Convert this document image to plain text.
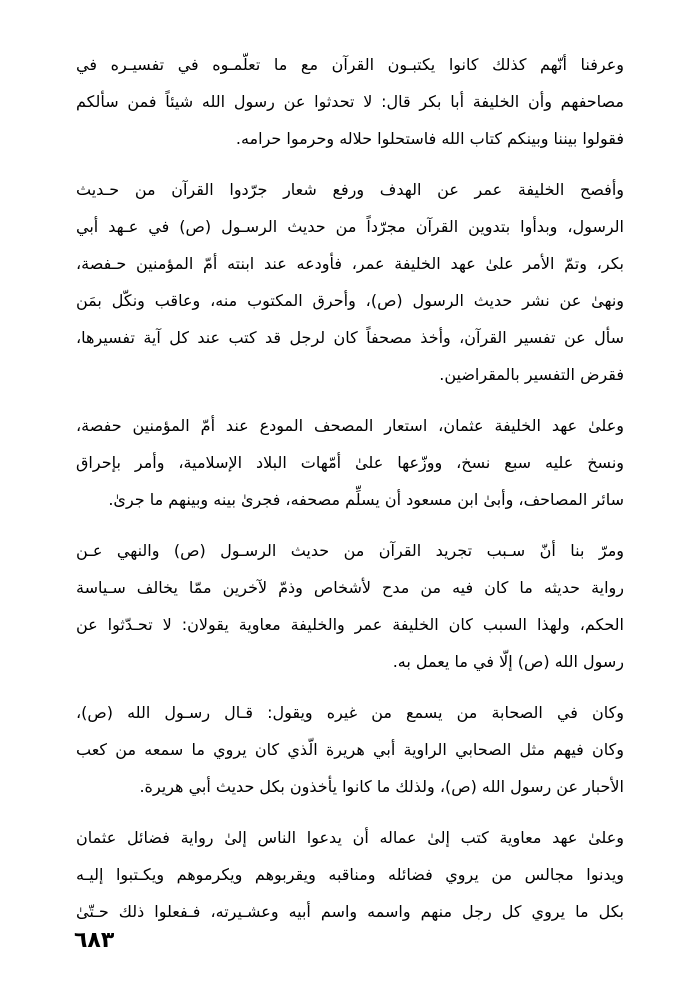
وعرفنا أنّهم كذلك كانوا يكتبـون القرآن مع ما تعلّمـوه في تفسيـره في
مصاحفهم وأن الخليفة أبا بكر قال: لا تحدثوا عن رسول الله شيئاً فمن سألكم
فقولوا بيننا وبينكم كتاب الله فاستحلوا حلاله وحرموا حرامه.
وأفصح الخليفة عمر عن الهدف ورفع شعار جرّدوا القرآن من حـديث
الرسول، وبدأوا بتدوين القرآن مجرّداً من حديث الرسـول (ص) في عـهد أبي
بكر، وتمّ الأمر علىٰ عهد الخليفة عمر، فأودعه عند ابنته أمّ المؤمنين حـفصة،
ونهىٰ عن نشر حديث الرسول (ص)، وأحرق المكتوب منه، وعاقب ونكّل بمَن
سأل عن تفسير القرآن، وأخذ مصحفاً كان لرجل قد كتب عند كل آية تفسيرها،
فقرض التفسير بالمقراضين.
وعلىٰ عهد الخليفة عثمان، استعار المصحف المودع عند أمّ المؤمنين حفصة،
ونسخ عليه سبع نسخ، ووزّعها علىٰ أمّهات البلاد الإسلامية، وأمر بإحراق
سائر المصاحف، وأبىٰ ابن مسعود أن يسلِّم مصحفه، فجرىٰ بينه وبينهم ما جرىٰ.
ومرّ بنا أنّ سـبب تجريد القرآن من حديث الرسـول (ص) والنهي عـن
رواية حديثه ما كان فيه من مدح لأشخاص وذمّ لآخرين ممّا يخالف سـياسة
الحكم، ولهذا السبب كان الخليفة عمر والخليفة معاوية يقولان: لا تحـدّثوا عن
رسول الله (ص) إلّا في ما يعمل به.
وكان في الصحابة من يسمع من غيره ويقول: قـال رسـول الله (ص)،
وكان فيهم مثل الصحابي الراوية أبي هريرة الّذي كان يروي ما سمعه من كعب
الأحبار عن رسول الله (ص)، ولذلك ما كانوا يأخذون بكل حديث أبي هريرة.
وعلىٰ عهد معاوية كتب إلىٰ عماله أن يدعوا الناس إلىٰ رواية فضائل عثمان
ويدنوا مجالس من يروي فضائله ومناقبه ويقربوهم ويكرموهم ويكـتبوا إليـه
بكل ما يروي كل رجل منهم واسمه واسم أبيه وعشـيرته، فـفعلوا ذلك حـتّىٰ
٦٨٣
